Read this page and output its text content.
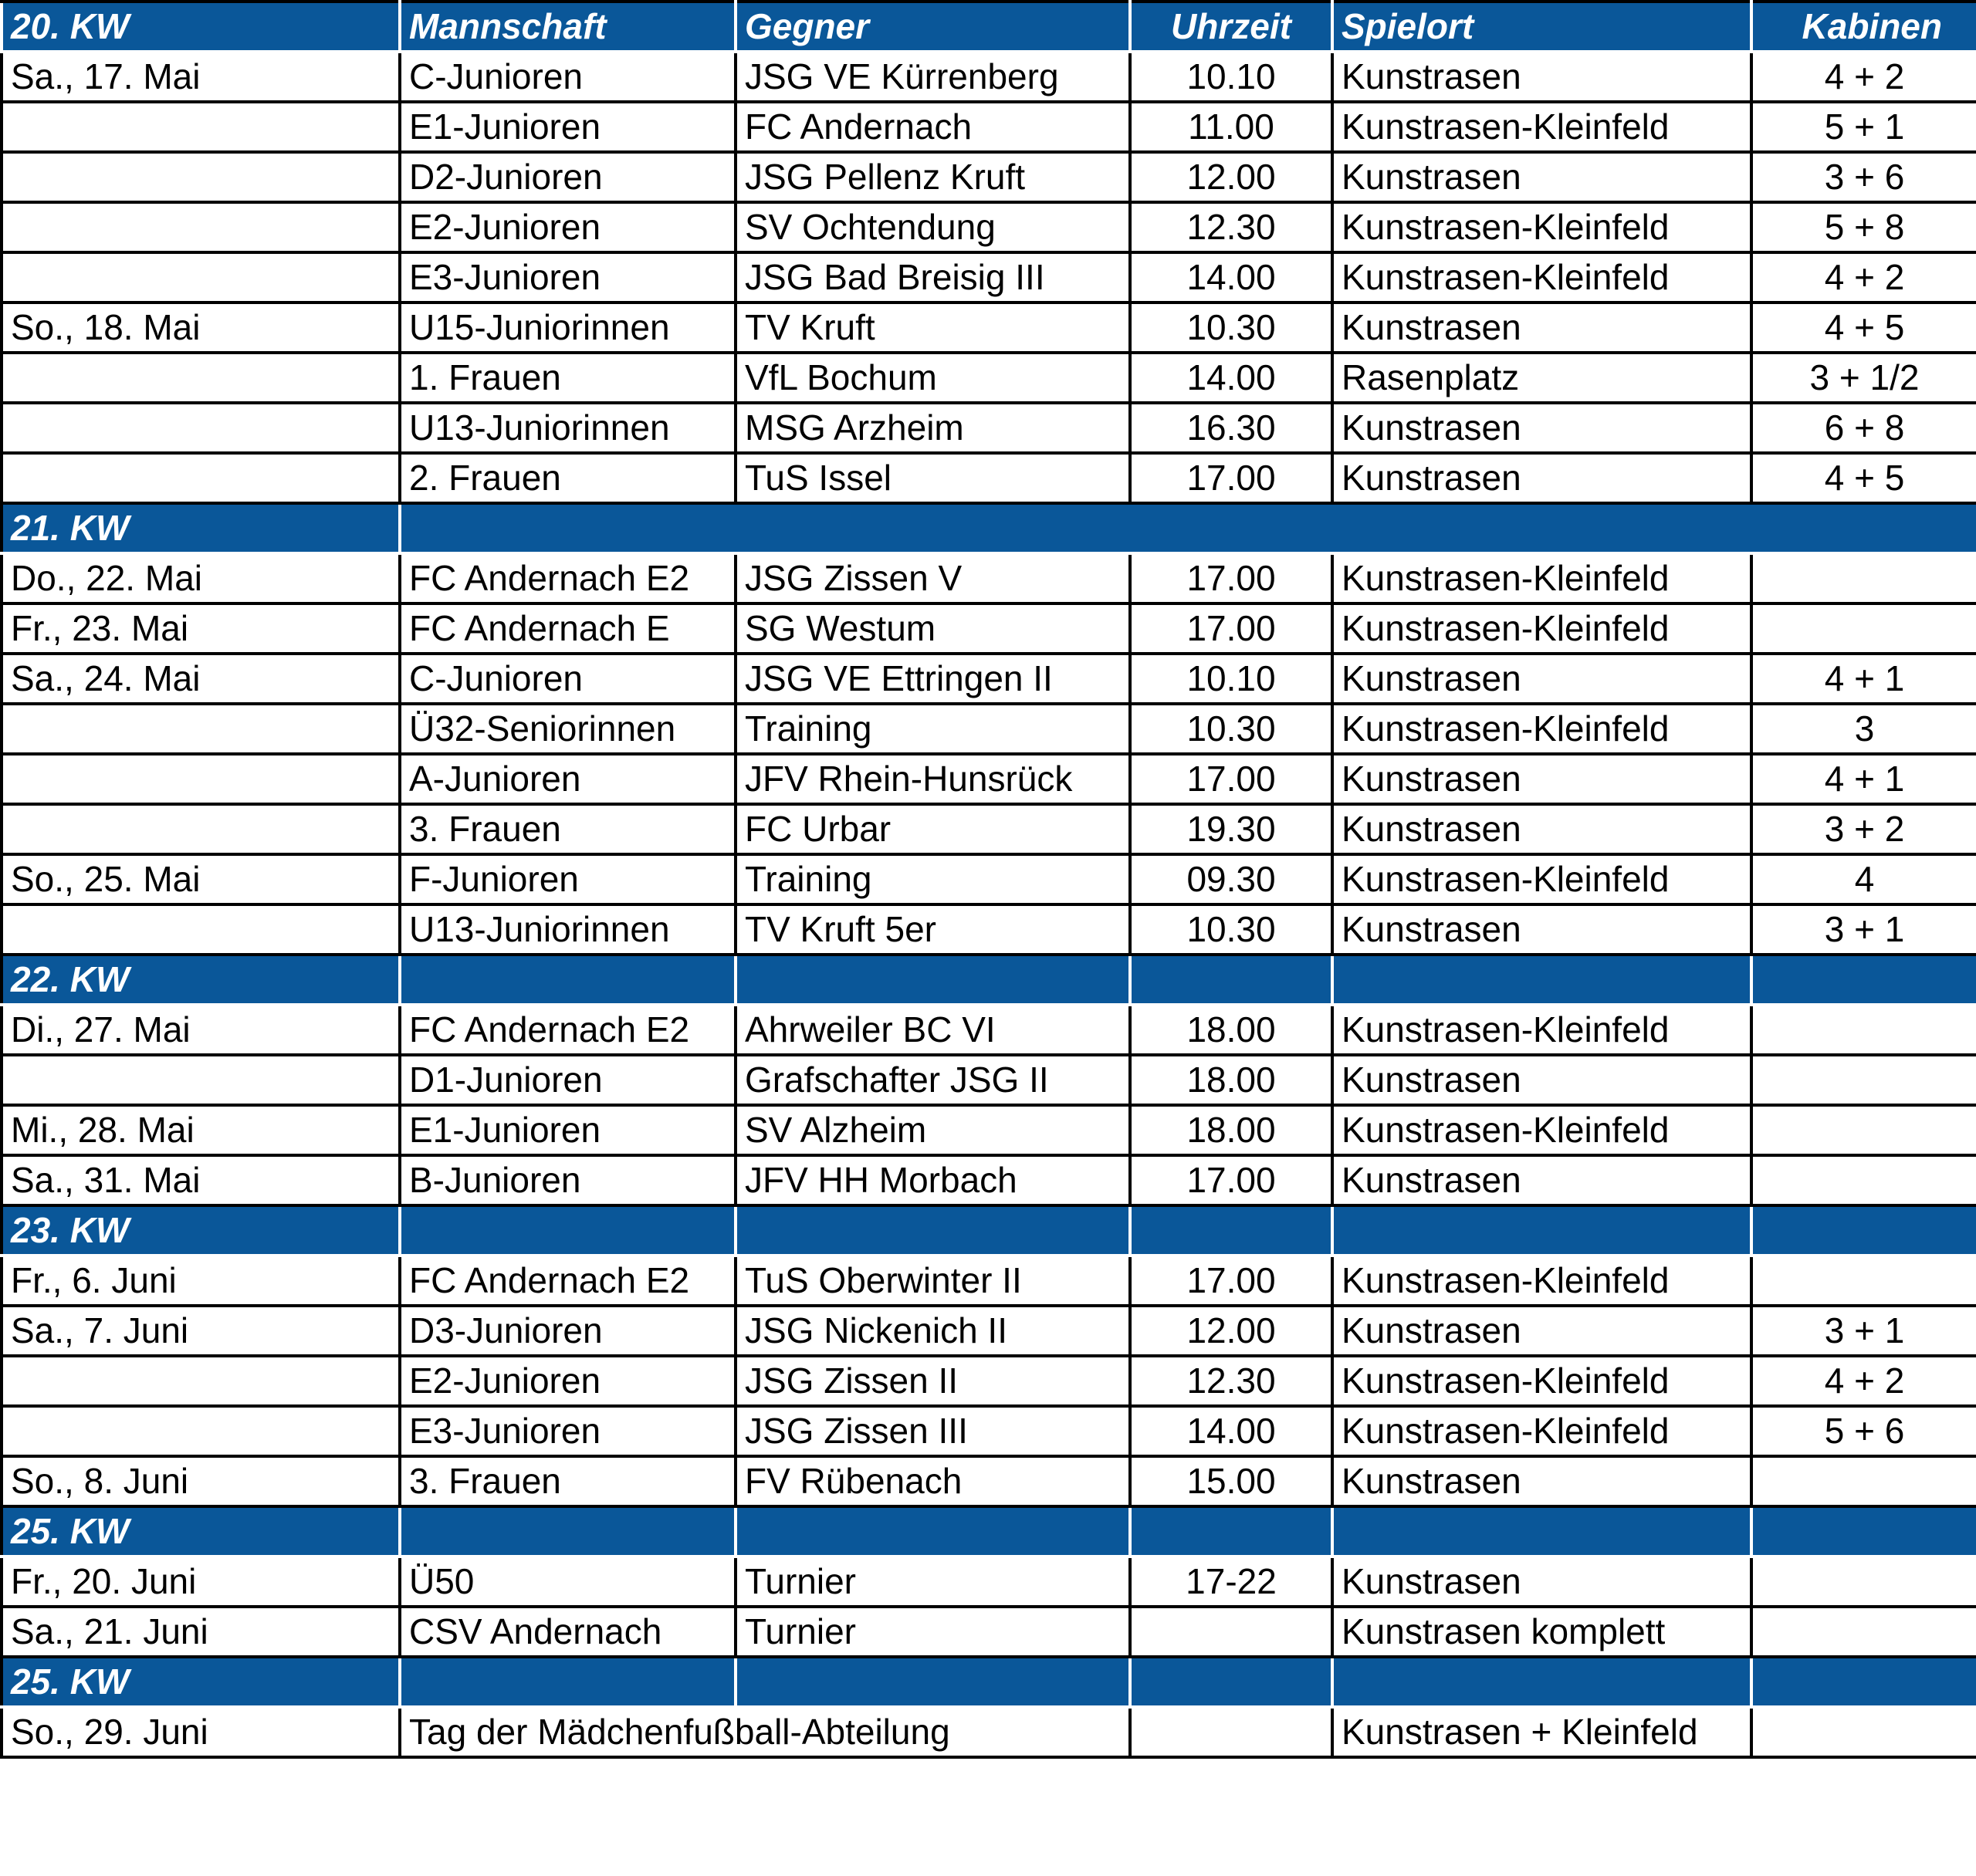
20. KW	Mannschaft	Gegner	Uhrzeit	Spielort	Kabinen
Sa., 17. Mai	C-Junioren	JSG VE Kürrenberg	10.10	Kunstrasen	4 + 2
	E1-Junioren	FC Andernach	11.00	Kunstrasen-Kleinfeld	5 + 1
	D2-Junioren	JSG Pellenz Kruft	12.00	Kunstrasen	3 + 6
	E2-Junioren	SV Ochtendung	12.30	Kunstrasen-Kleinfeld	5 + 8
	E3-Junioren	JSG Bad Breisig III	14.00	Kunstrasen-Kleinfeld	4 + 2
So., 18. Mai	U15-Juniorinnen	TV Kruft	10.30	Kunstrasen	4 + 5
	1. Frauen	VfL Bochum	14.00	Rasenplatz	3 + 1/2
	U13-Juniorinnen	MSG Arzheim	16.30	Kunstrasen	6 + 8
	2. Frauen	TuS Issel	17.00	Kunstrasen	4 + 5
21. KW					
Do., 22. Mai	FC Andernach E2	JSG Zissen V	17.00	Kunstrasen-Kleinfeld	
Fr., 23. Mai	FC Andernach E	SG Westum	17.00	Kunstrasen-Kleinfeld	
Sa., 24. Mai	C-Junioren	JSG VE Ettringen II	10.10	Kunstrasen	4 + 1
	Ü32-Seniorinnen	Training	10.30	Kunstrasen-Kleinfeld	3
	A-Junioren	JFV Rhein-Hunsrück	17.00	Kunstrasen	4 + 1
	3. Frauen	FC Urbar	19.30	Kunstrasen	3 + 2
So., 25. Mai	F-Junioren	Training	09.30	Kunstrasen-Kleinfeld	4
	U13-Juniorinnen	TV Kruft 5er	10.30	Kunstrasen	3 + 1
22. KW					
Di., 27. Mai	FC Andernach E2	Ahrweiler BC VI	18.00	Kunstrasen-Kleinfeld	
	D1-Junioren	Grafschafter JSG II	18.00	Kunstrasen	
Mi., 28. Mai	E1-Junioren	SV Alzheim	18.00	Kunstrasen-Kleinfeld	
Sa., 31. Mai	B-Junioren	JFV HH Morbach	17.00	Kunstrasen	
23. KW					
Fr., 6. Juni	FC Andernach E2	TuS Oberwinter II	17.00	Kunstrasen-Kleinfeld	
Sa., 7. Juni	D3-Junioren	JSG Nickenich II	12.00	Kunstrasen	3 + 1
	E2-Junioren	JSG Zissen II	12.30	Kunstrasen-Kleinfeld	4 + 2
	E3-Junioren	JSG Zissen III	14.00	Kunstrasen-Kleinfeld	5 + 6
So., 8. Juni	3. Frauen	FV Rübenach	15.00	Kunstrasen	
25. KW					
Fr., 20. Juni	Ü50	Turnier	17-22	Kunstrasen	
Sa., 21. Juni	CSV Andernach	Turnier		Kunstrasen komplett	
25. KW					
So., 29. Juni	Tag der Mädchenfußball-Abteilung			Kunstrasen + Kleinfeld	
